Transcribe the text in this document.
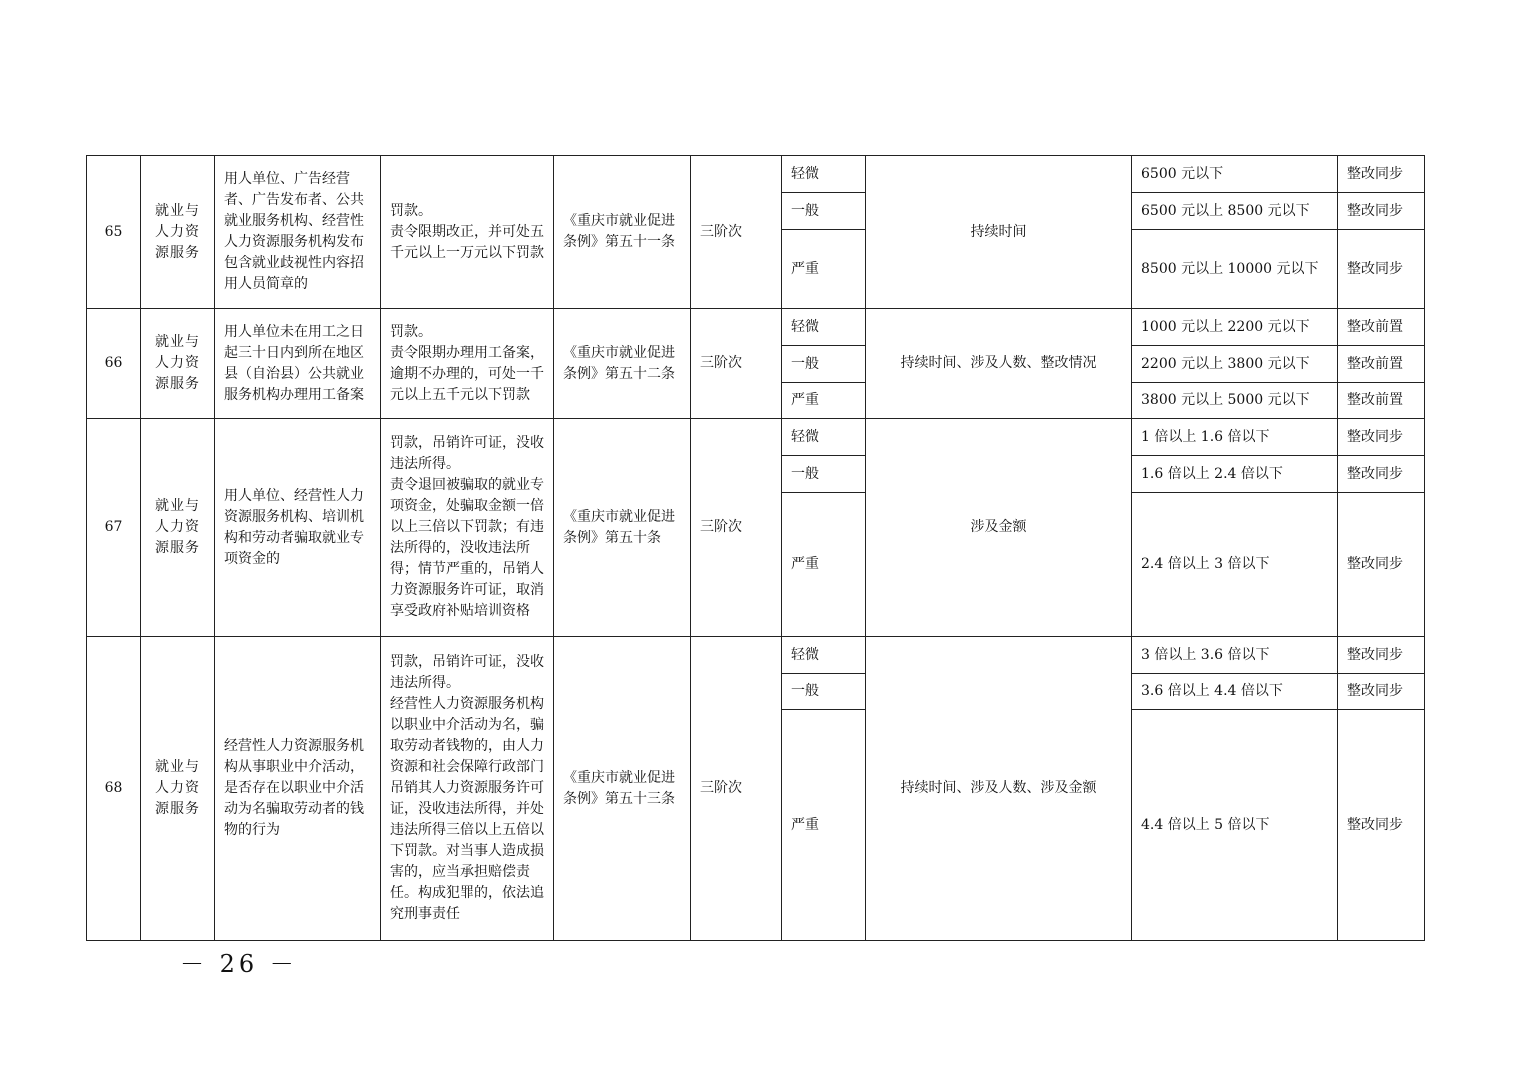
65	就业与人力资源服务	用人单位、广告经营者、广告发布者、公共就业服务机构、经营性人力资源服务机构发布包含就业歧视性内容招用人员简章的	罚款。
责令限期改正，并可处五千元以上一万元以下罚款	《重庆市就业促进条例》第五十一条	三阶次	轻微	持续时间	6500 元以下	整改同步
						一般		6500 元以上 8500 元以下	整改同步
						严重		8500 元以上 10000 元以下	整改同步
66	就业与人力资源服务	用人单位未在用工之日起三十日内到所在地区县（自治县）公共就业服务机构办理用工备案	罚款。
责令限期办理用工备案，逾期不办理的，可处一千元以上五千元以下罚款	《重庆市就业促进条例》第五十二条	三阶次	轻微	持续时间、涉及人数、整改情况	1000 元以上 2200 元以下	整改前置
						一般		2200 元以上 3800 元以下	整改前置
						严重		3800 元以上 5000 元以下	整改前置
67	就业与人力资源服务	用人单位、经营性人力资源服务机构、培训机构和劳动者骗取就业专项资金的	罚款，吊销许可证，没收违法所得。
责令退回被骗取的就业专项资金，处骗取金额一倍以上三倍以下罚款；有违法所得的，没收违法所得；情节严重的，吊销人力资源服务许可证，取消享受政府补贴培训资格	《重庆市就业促进条例》第五十条	三阶次	轻微	涉及金额	1 倍以上 1.6 倍以下	整改同步
						一般		1.6 倍以上 2.4 倍以下	整改同步
						严重		2.4 倍以上 3 倍以下	整改同步
68	就业与人力资源服务	经营性人力资源服务机构从事职业中介活动，是否存在以职业中介活动为名骗取劳动者的钱物的行为	罚款，吊销许可证，没收违法所得。
经营性人力资源服务机构以职业中介活动为名，骗取劳动者钱物的，由人力资源和社会保障行政部门吊销其人力资源服务许可证，没收违法所得，并处违法所得三倍以上五倍以下罚款。对当事人造成损害的，应当承担赔偿责任。构成犯罪的，依法追究刑事责任	《重庆市就业促进条例》第五十三条	三阶次	轻微	持续时间、涉及人数、涉及金额	3 倍以上 3.6 倍以下	整改同步
						一般		3.6 倍以上 4.4 倍以下	整改同步
						严重		4.4 倍以上 5 倍以下	整改同步
－ 26 －
